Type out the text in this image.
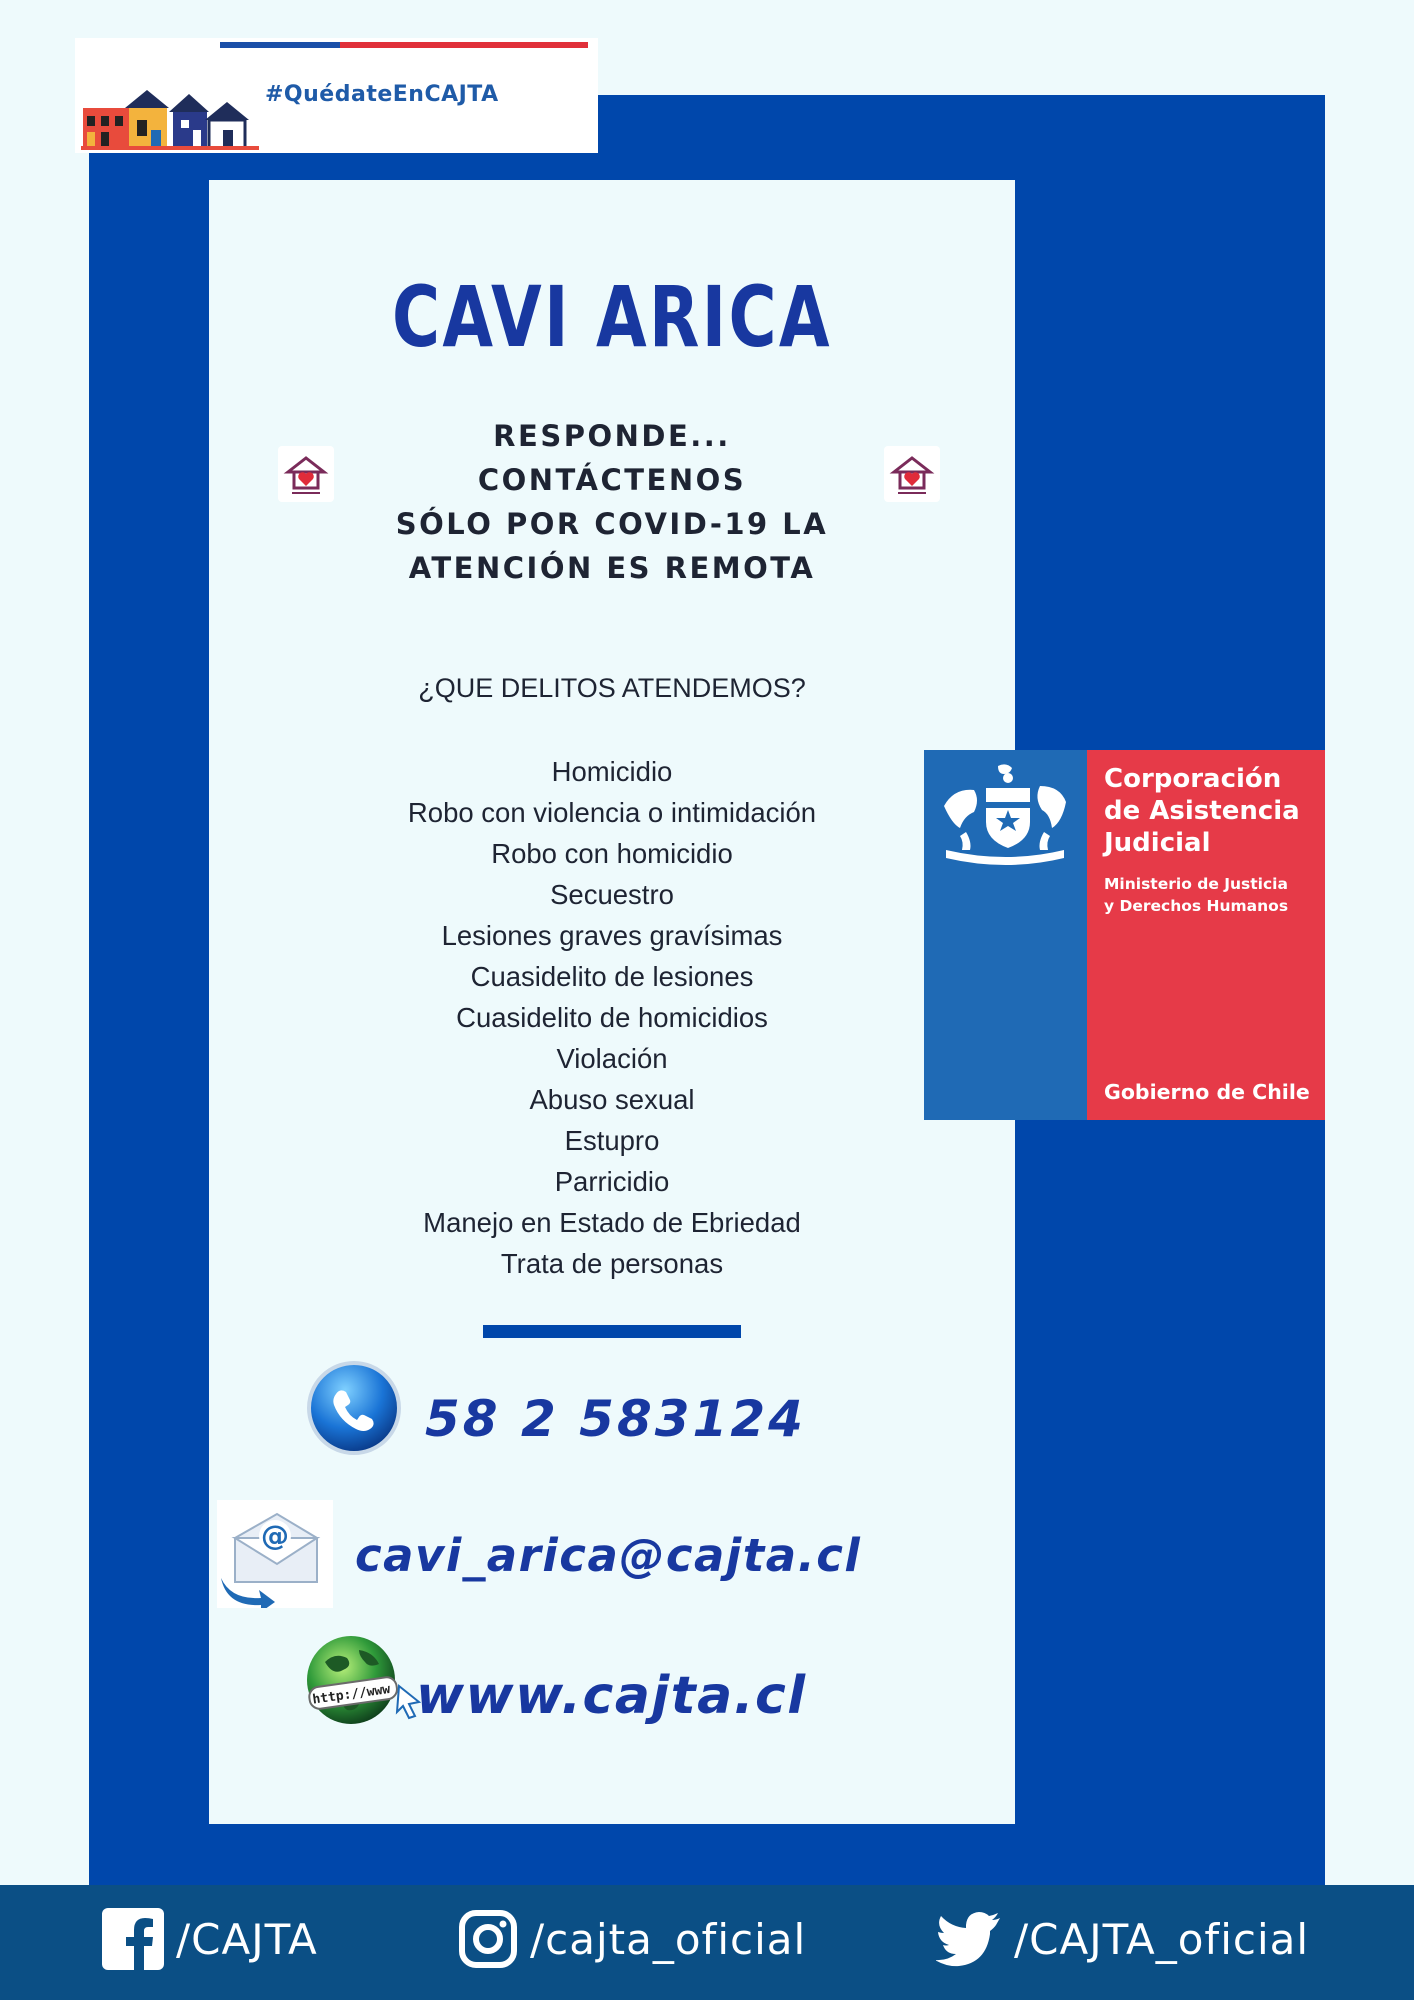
#QuédateEnCAJTA
CAVI ARICA
RESPONDE...
CONTÁCTENOS
SÓLO POR COVID-19 LA
ATENCIÓN ES REMOTA
¿QUE DELITOS ATENDEMOS?
Homicidio
Robo con violencia o intimidación
Robo con homicidio
Secuestro
Lesiones graves gravísimas
Cuasidelito de lesiones
Cuasidelito de homicidios
Violación
Abuso sexual
Estupro
Parricidio
Manejo en Estado de Ebriedad
Trata de personas
58 2 583124
@ cavi_arica@cajta.cl
http://www www.cajta.cl
Corporación
de Asistencia
Judicial
Ministerio de Justicia
y Derechos Humanos
Gobierno de Chile
/CAJTA	/cajta_oficial	/CAJTA_oficial
